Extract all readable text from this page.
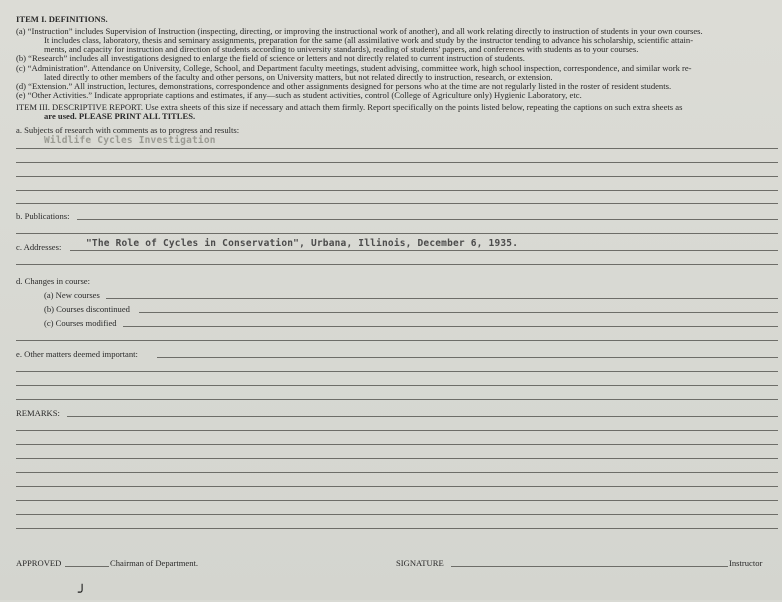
ITEM I. DEFINITIONS.
(a) “Instruction” includes Supervision of Instruction (inspecting, directing, or improving the instructional work of another), and all work relating directly to instruction of students in your own courses.
It includes class, laboratory, thesis and seminary assignments, preparation for the same (all assimilative work and study by the instructor tending to advance his scholarship, scientific attain-
ments, and capacity for instruction and direction of students according to university standards), reading of students' papers, and conferences with students as to your courses.
(b) “Research” includes all investigations designed to enlarge the field of science or letters and not directly related to current instruction of students.
(c) “Administration”. Attendance on University, College, School, and Department faculty meetings, student advising, committee work, high school inspection, correspondence, and similar work re-
lated directly to other members of the faculty and other persons, on University matters, but not related directly to instruction, research, or extension.
(d) “Extension.” All instruction, lectures, demonstrations, correspondence and other assignments designed for persons who at the time are not regularly listed in the roster of resident students.
(e) “Other Activities.” Indicate appropriate captions and estimates, if any—such as student activities, control (College of Agriculture only) Hygienic Laboratory, etc.
ITEM III. DESCRIPTIVE REPORT. Use extra sheets of this size if necessary and attach them firmly. Report specifically on the points listed below, repeating the captions on such extra sheets as
are used. PLEASE PRINT ALL TITLES.
a. Subjects of research with comments as to progress and results:
Wildlife Cycles Investigation
b. Publications:
c. Addresses:	"The Role of Cycles in Conservation", Urbana, Illinois, December 6, 1935.
d. Changes in course:
(a) New courses
(b) Courses discontinued
(c) Courses modified
e. Other matters deemed important:
REMARKS:
APPROVED	Chairman of Department.	SIGNATURE	Instructor
╯
